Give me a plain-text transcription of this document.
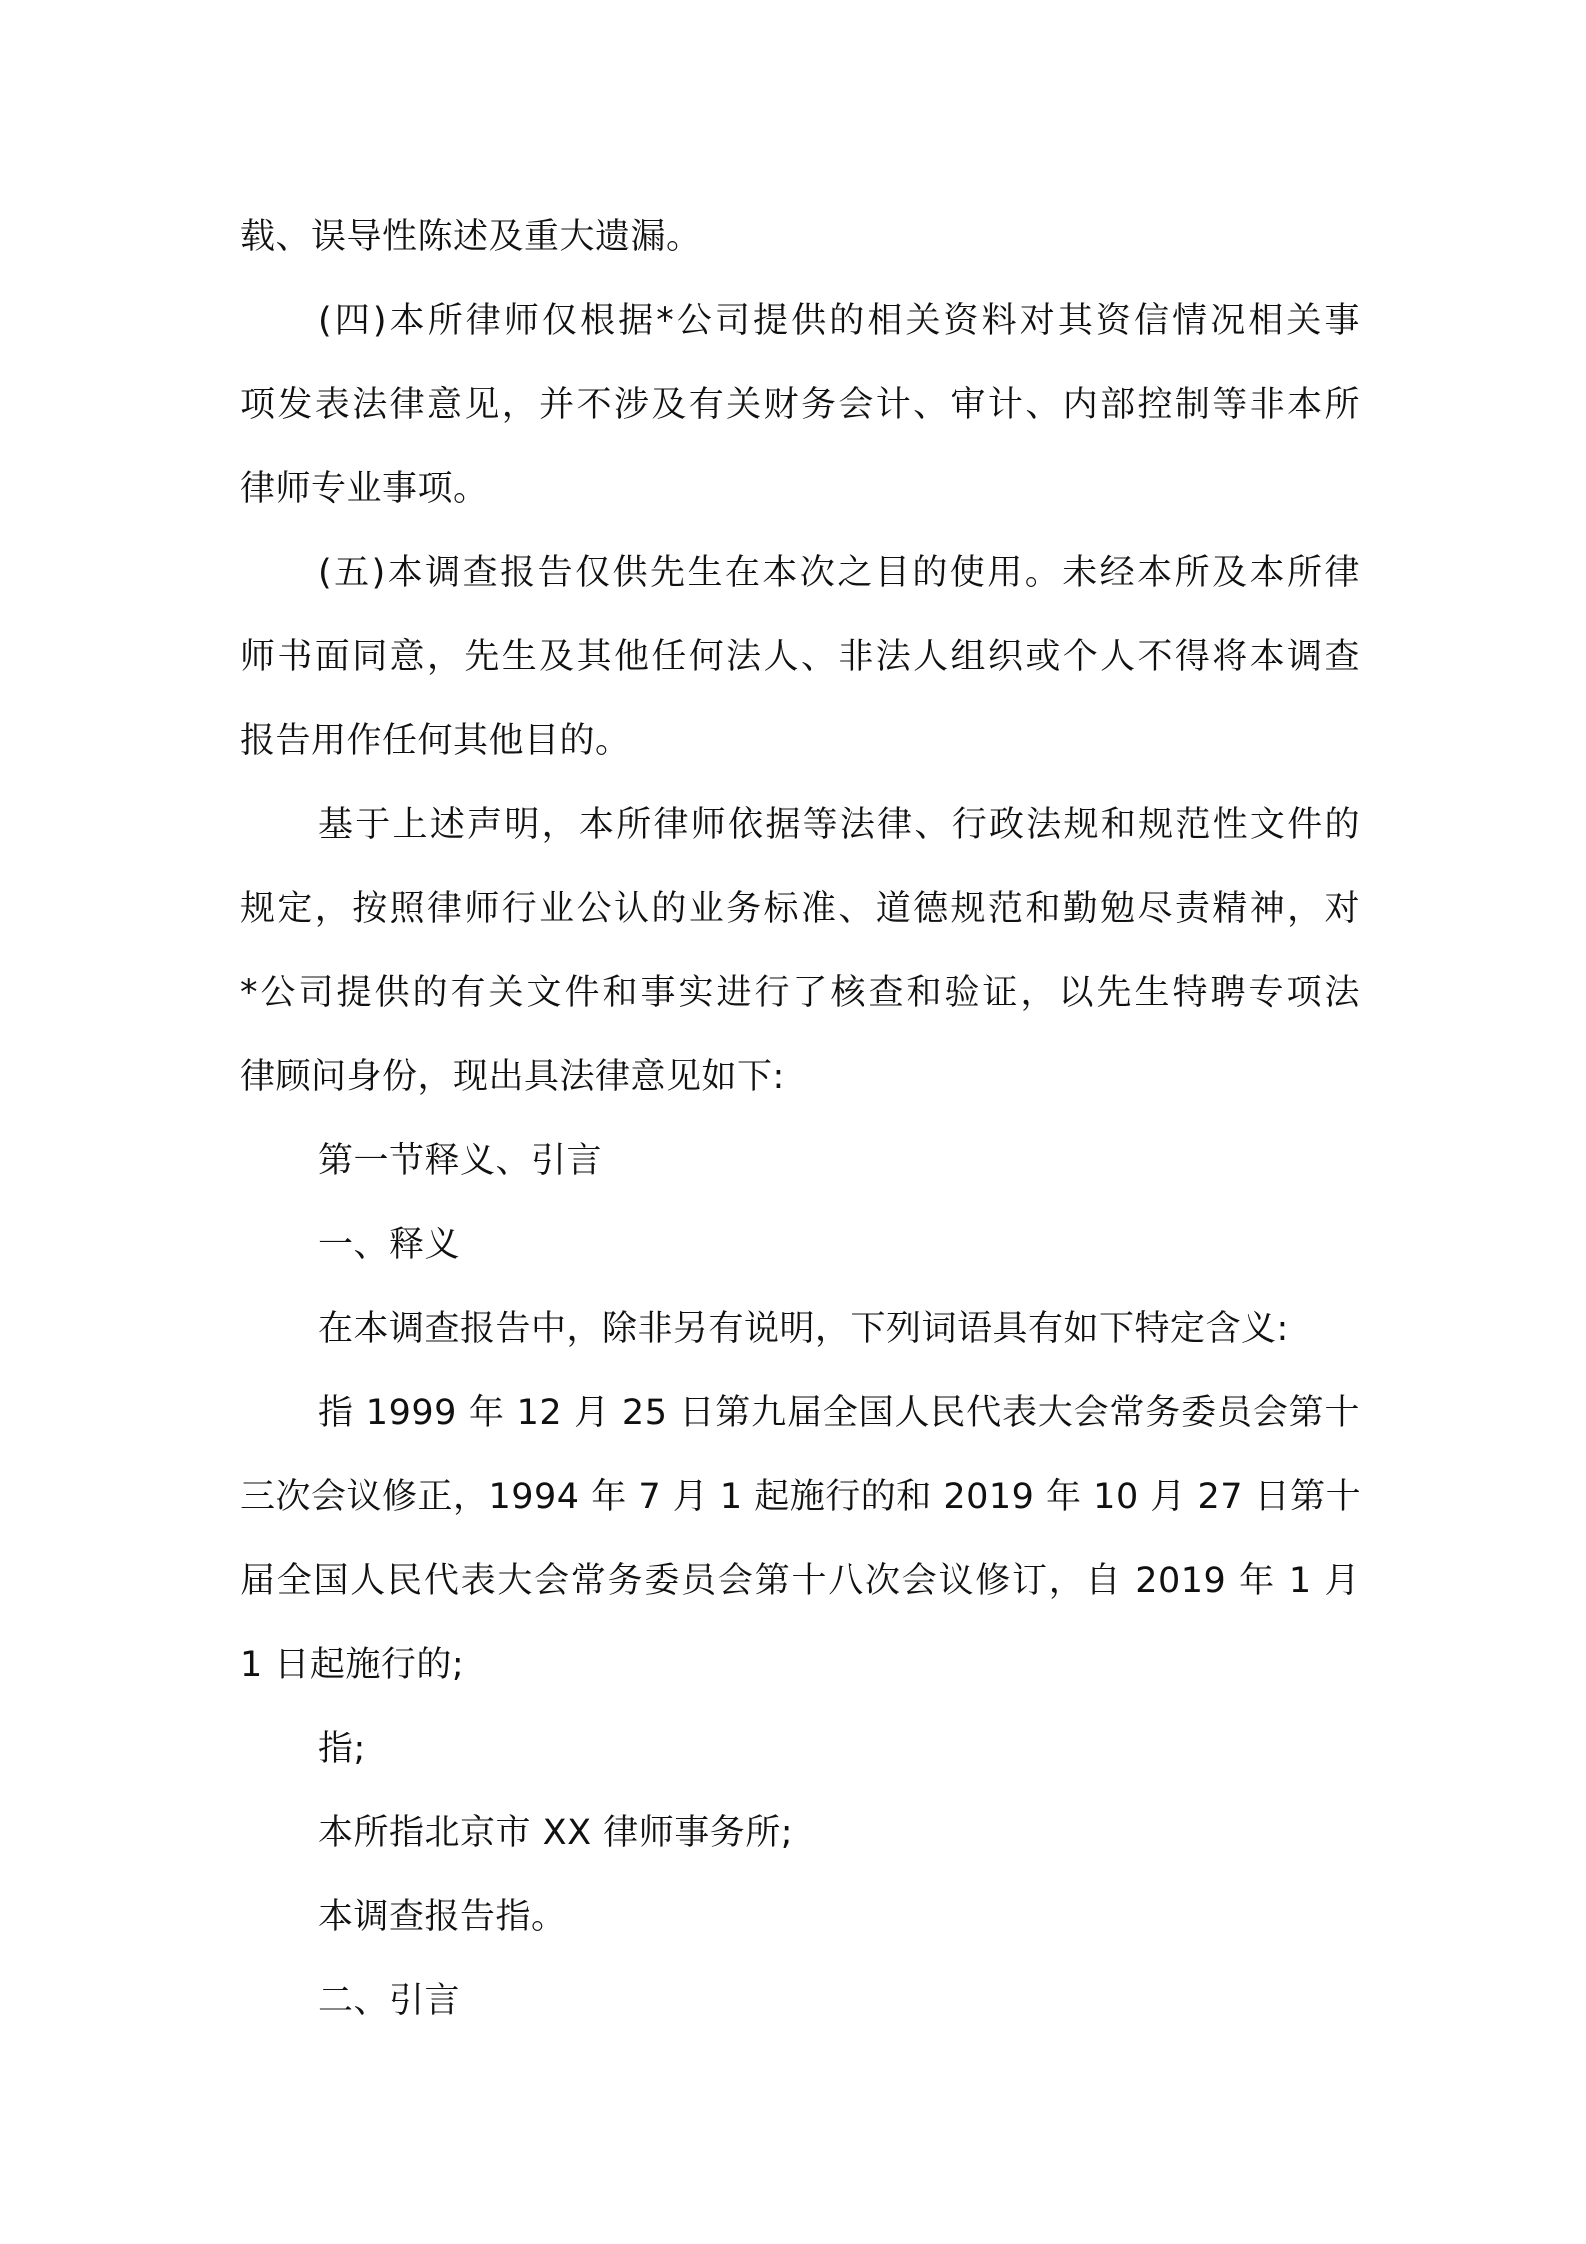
载、误导性陈述及重大遗漏。
(四)本所律师仅根据*公司提供的相关资料对其资信情况相关事
项发表法律意见，并不涉及有关财务会计、审计、内部控制等非本所
律师专业事项。
(五)本调查报告仅供先生在本次之目的使用。未经本所及本所律
师书面同意，先生及其他任何法人、非法人组织或个人不得将本调查
报告用作任何其他目的。
基于上述声明，本所律师依据等法律、行政法规和规范性文件的
规定，按照律师行业公认的业务标准、道德规范和勤勉尽责精神，对
*公司提供的有关文件和事实进行了核查和验证，以先生特聘专项法
律顾问身份，现出具法律意见如下:
第一节释义、引言
一、释义
在本调查报告中，除非另有说明，下列词语具有如下特定含义:
指 1999 年 12 月 25 日第九届全国人民代表大会常务委员会第十
三次会议修正，1994 年 7 月 1 起施行的和 2019 年 10 月 27 日第十
届全国人民代表大会常务委员会第十八次会议修订，自 2019 年 1 月
1 日起施行的;
指;
本所指北京市 XX 律师事务所;
本调查报告指。
二、引言
